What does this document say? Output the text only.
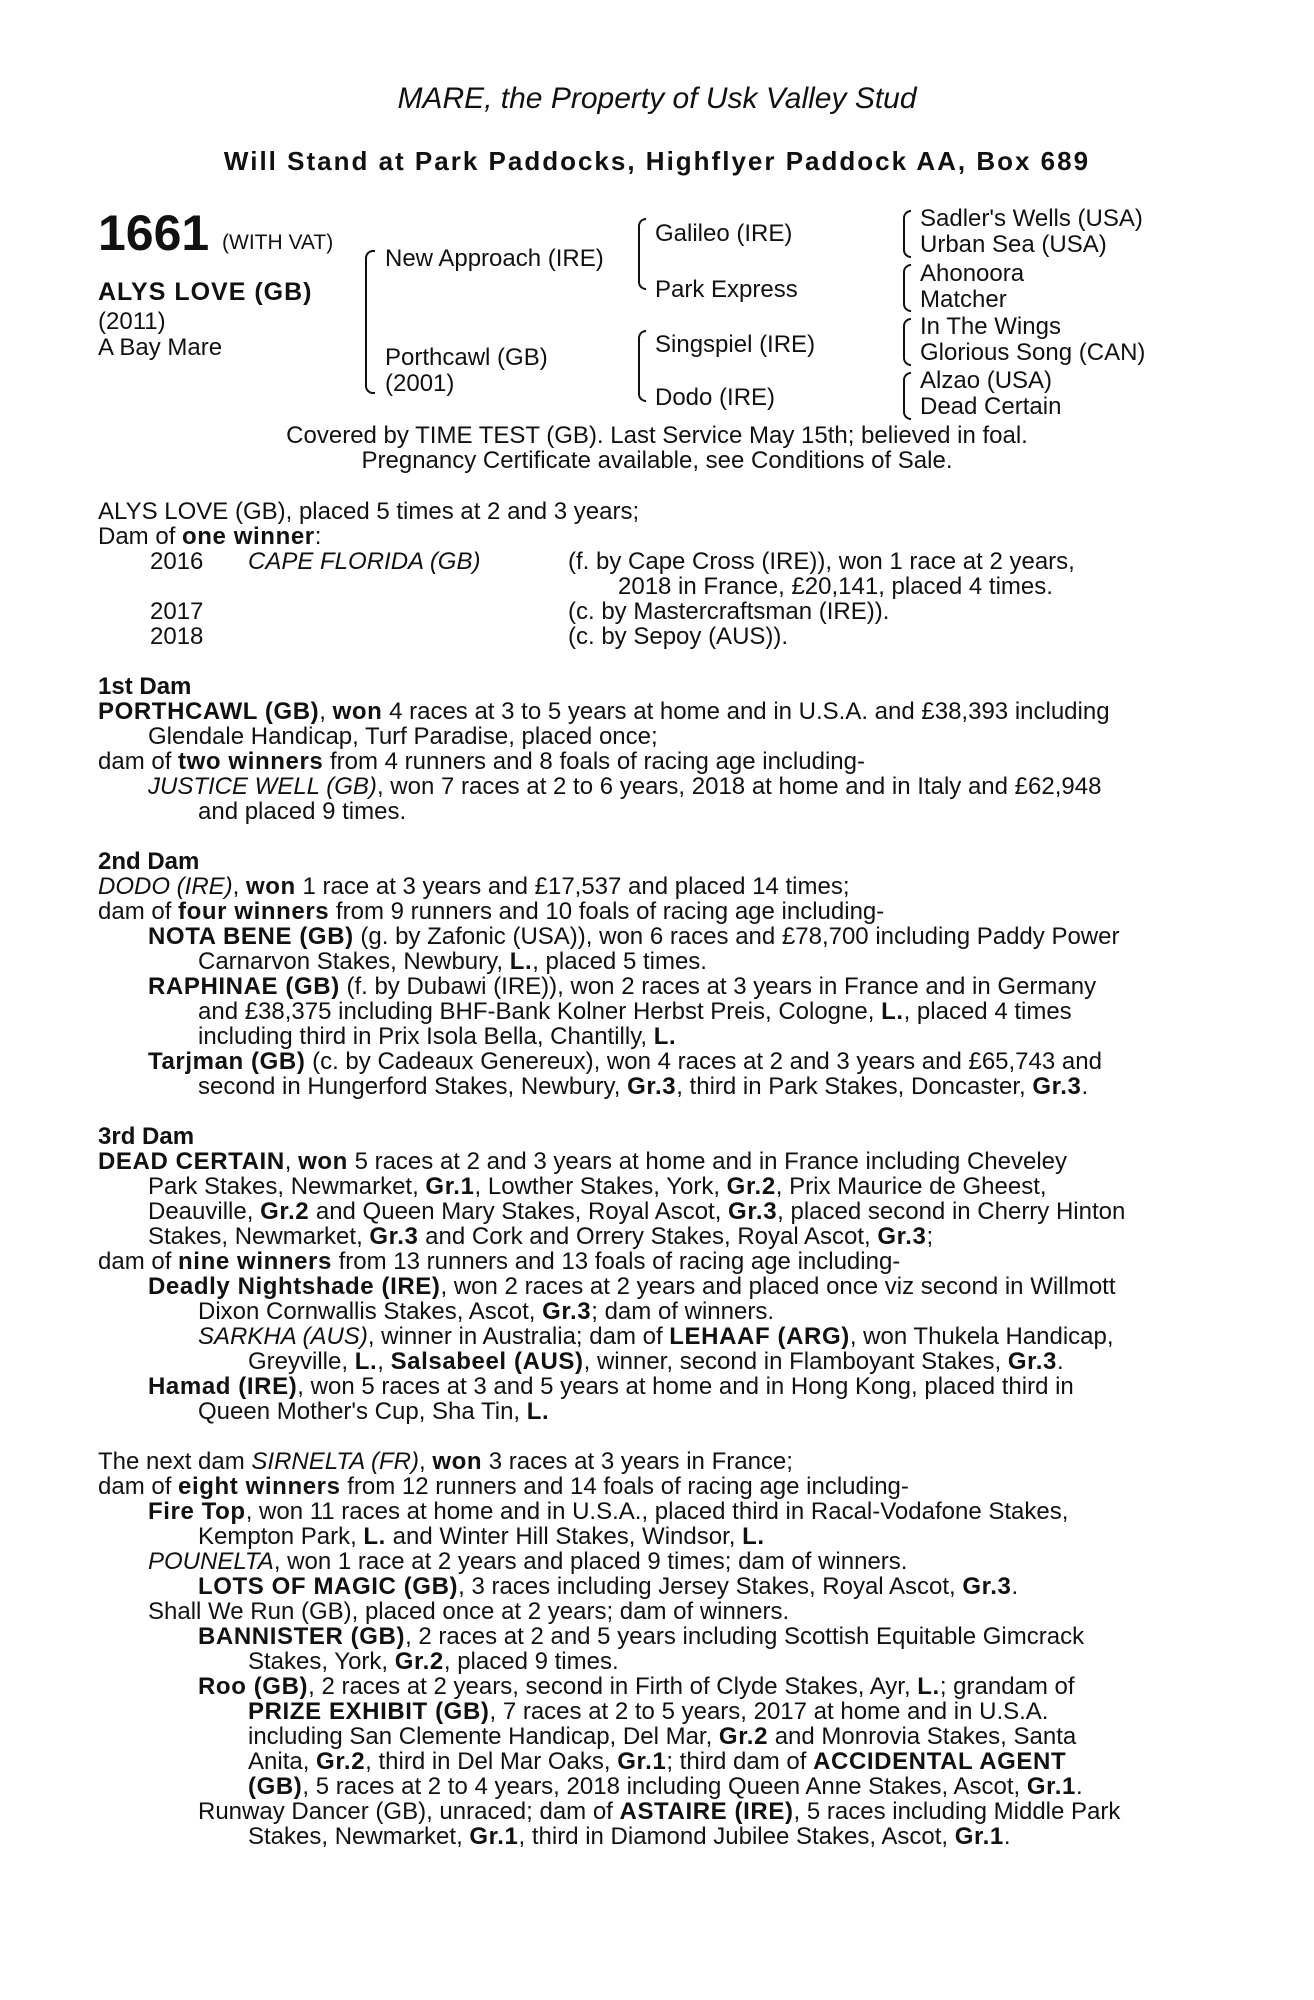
MARE, the Property of Usk Valley Stud
Will Stand at Park Paddocks, Highflyer Paddock AA, Box 689
1661 (WITH VAT)
ALYS LOVE (GB)
(2011)
A Bay Mare
New Approach (IRE)
Porthcawl (GB)
(2001)
Galileo (IRE)
Park Express
Singspiel (IRE)
Dodo (IRE)
Sadler's Wells (USA)
Urban Sea (USA)
Ahonoora
Matcher
In The Wings
Glorious Song (CAN)
Alzao (USA)
Dead Certain
Covered by TIME TEST (GB). Last Service May 15th; believed in foal.
Pregnancy Certificate available, see Conditions of Sale.
ALYS LOVE (GB), placed 5 times at 2 and 3 years;
Dam of one winner:
2016 CAPE FLORIDA (GB)	(f. by Cape Cross (IRE)), won 1 race at 2 years,
2018 in France, £20,141, placed 4 times.
2017	(c. by Mastercraftsman (IRE)).
2018	(c. by Sepoy (AUS)).
1st Dam
PORTHCAWL (GB), won 4 races at 3 to 5 years at home and in U.S.A. and £38,393 including
Glendale Handicap, Turf Paradise, placed once;
dam of two winners from 4 runners and 8 foals of racing age including-
JUSTICE WELL (GB), won 7 races at 2 to 6 years, 2018 at home and in Italy and £62,948
and placed 9 times.
2nd Dam
DODO (IRE), won 1 race at 3 years and £17,537 and placed 14 times;
dam of four winners from 9 runners and 10 foals of racing age including-
NOTA BENE (GB) (g. by Zafonic (USA)), won 6 races and £78,700 including Paddy Power
Carnarvon Stakes, Newbury, L., placed 5 times.
RAPHINAE (GB) (f. by Dubawi (IRE)), won 2 races at 3 years in France and in Germany
and £38,375 including BHF-Bank Kolner Herbst Preis, Cologne, L., placed 4 times
including third in Prix Isola Bella, Chantilly, L.
Tarjman (GB) (c. by Cadeaux Genereux), won 4 races at 2 and 3 years and £65,743 and
second in Hungerford Stakes, Newbury, Gr.3, third in Park Stakes, Doncaster, Gr.3.
3rd Dam
DEAD CERTAIN, won 5 races at 2 and 3 years at home and in France including Cheveley
Park Stakes, Newmarket, Gr.1, Lowther Stakes, York, Gr.2, Prix Maurice de Gheest,
Deauville, Gr.2 and Queen Mary Stakes, Royal Ascot, Gr.3, placed second in Cherry Hinton
Stakes, Newmarket, Gr.3 and Cork and Orrery Stakes, Royal Ascot, Gr.3;
dam of nine winners from 13 runners and 13 foals of racing age including-
Deadly Nightshade (IRE), won 2 races at 2 years and placed once viz second in Willmott
Dixon Cornwallis Stakes, Ascot, Gr.3; dam of winners.
SARKHA (AUS), winner in Australia; dam of LEHAAF (ARG), won Thukela Handicap,
Greyville, L., Salsabeel (AUS), winner, second in Flamboyant Stakes, Gr.3.
Hamad (IRE), won 5 races at 3 and 5 years at home and in Hong Kong, placed third in
Queen Mother's Cup, Sha Tin, L.
The next dam SIRNELTA (FR), won 3 races at 3 years in France;
dam of eight winners from 12 runners and 14 foals of racing age including-
Fire Top, won 11 races at home and in U.S.A., placed third in Racal-Vodafone Stakes,
Kempton Park, L. and Winter Hill Stakes, Windsor, L.
POUNELTA, won 1 race at 2 years and placed 9 times; dam of winners.
LOTS OF MAGIC (GB), 3 races including Jersey Stakes, Royal Ascot, Gr.3.
Shall We Run (GB), placed once at 2 years; dam of winners.
BANNISTER (GB), 2 races at 2 and 5 years including Scottish Equitable Gimcrack
Stakes, York, Gr.2, placed 9 times.
Roo (GB), 2 races at 2 years, second in Firth of Clyde Stakes, Ayr, L.; grandam of
PRIZE EXHIBIT (GB), 7 races at 2 to 5 years, 2017 at home and in U.S.A.
including San Clemente Handicap, Del Mar, Gr.2 and Monrovia Stakes, Santa
Anita, Gr.2, third in Del Mar Oaks, Gr.1; third dam of ACCIDENTAL AGENT
(GB), 5 races at 2 to 4 years, 2018 including Queen Anne Stakes, Ascot, Gr.1.
Runway Dancer (GB), unraced; dam of ASTAIRE (IRE), 5 races including Middle Park
Stakes, Newmarket, Gr.1, third in Diamond Jubilee Stakes, Ascot, Gr.1.
